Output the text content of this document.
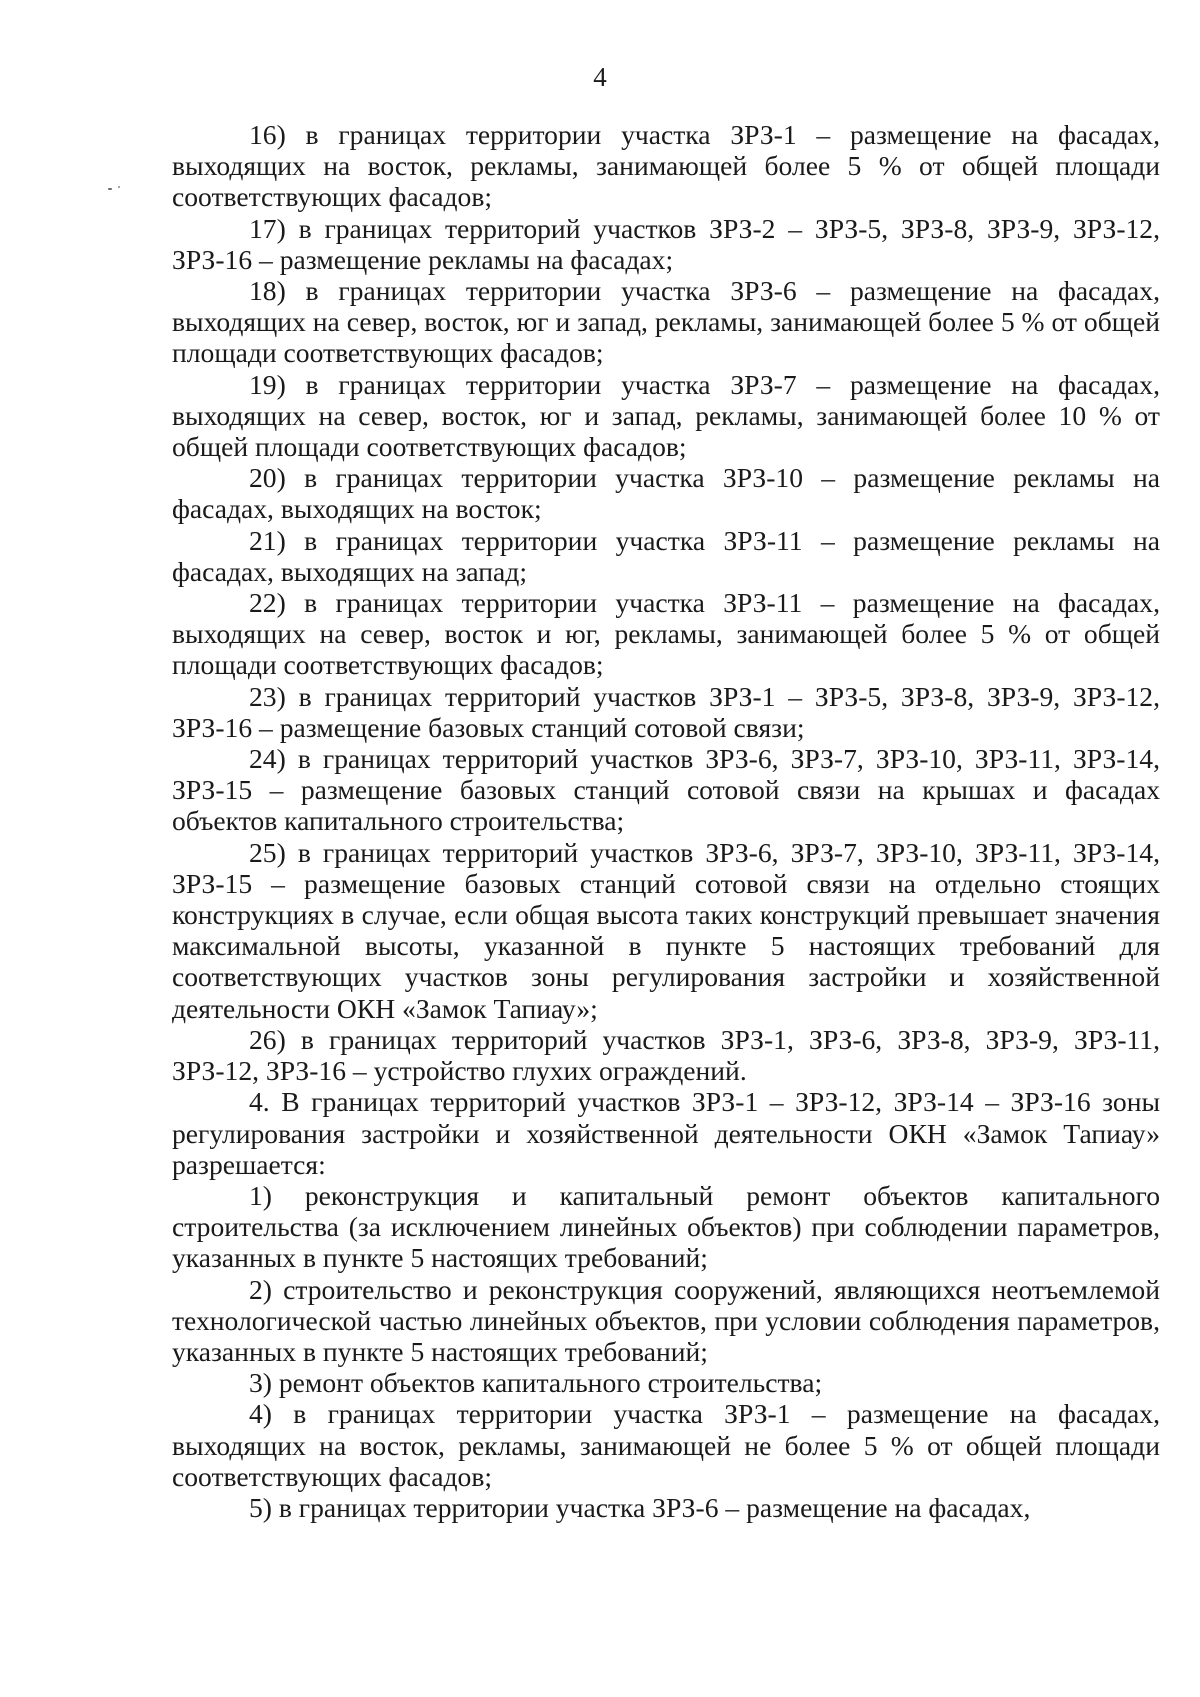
4

16) в границах территории участка ЗРЗ-1 – размещение на фасадах, выходящих на восток, рекламы, занимающей более 5 % от общей площади соответствующих фасадов;

17) в границах территорий участков ЗРЗ-2 – ЗРЗ-5, ЗРЗ-8, ЗРЗ-9, ЗРЗ-12, ЗРЗ-16 – размещение рекламы на фасадах;

18) в границах территории участка ЗРЗ-6 – размещение на фасадах, выходящих на север, восток, юг и запад, рекламы, занимающей более 5 % от общей площади соответствующих фасадов;

19) в границах территории участка ЗРЗ-7 – размещение на фасадах, выходящих на север, восток, юг и запад, рекламы, занимающей более 10 % от общей площади соответствующих фасадов;

20) в границах территории участка ЗРЗ-10 – размещение рекламы на фасадах, выходящих на восток;

21) в границах территории участка ЗРЗ-11 – размещение рекламы на фасадах, выходящих на запад;

22) в границах территории участка ЗРЗ-11 – размещение на фасадах, выходящих на север, восток и юг, рекламы, занимающей более 5 % от общей площади соответствующих фасадов;

23) в границах территорий участков ЗРЗ-1 – ЗРЗ-5, ЗРЗ-8, ЗРЗ-9, ЗРЗ-12, ЗРЗ-16 – размещение базовых станций сотовой связи;

24) в границах территорий участков ЗРЗ-6, ЗРЗ-7, ЗРЗ-10, ЗРЗ-11, ЗРЗ-14, ЗРЗ-15 – размещение базовых станций сотовой связи на крышах и фасадах объектов капитального строительства;

25) в границах территорий участков ЗРЗ-6, ЗРЗ-7, ЗРЗ-10, ЗРЗ-11, ЗРЗ-14, ЗРЗ-15 – размещение базовых станций сотовой связи на отдельно стоящих конструкциях в случае, если общая высота таких конструкций превышает значения максимальной высоты, указанной в пункте 5 настоящих требований для соответствующих участков зоны регулирования застройки и хозяйственной деятельности ОКН «Замок Тапиау»;

26) в границах территорий участков ЗРЗ-1, ЗРЗ-6, ЗРЗ-8, ЗРЗ-9, ЗРЗ-11, ЗРЗ-12, ЗРЗ-16 – устройство глухих ограждений.

4. В границах территорий участков ЗРЗ-1 – ЗРЗ-12, ЗРЗ-14 – ЗРЗ-16 зоны регулирования застройки и хозяйственной деятельности ОКН «Замок Тапиау» разрешается:

1) реконструкция и капитальный ремонт объектов капитального строительства (за исключением линейных объектов) при соблюдении параметров, указанных в пункте 5 настоящих требований;

2) строительство и реконструкция сооружений, являющихся неотъемлемой технологической частью линейных объектов, при условии соблюдения параметров, указанных в пункте 5 настоящих требований;

3) ремонт объектов капитального строительства;

4) в границах территории участка ЗРЗ-1 – размещение на фасадах, выходящих на восток, рекламы, занимающей не более 5 % от общей площади соответствующих фасадов;

5) в границах территории участка ЗРЗ-6 – размещение на фасадах,
